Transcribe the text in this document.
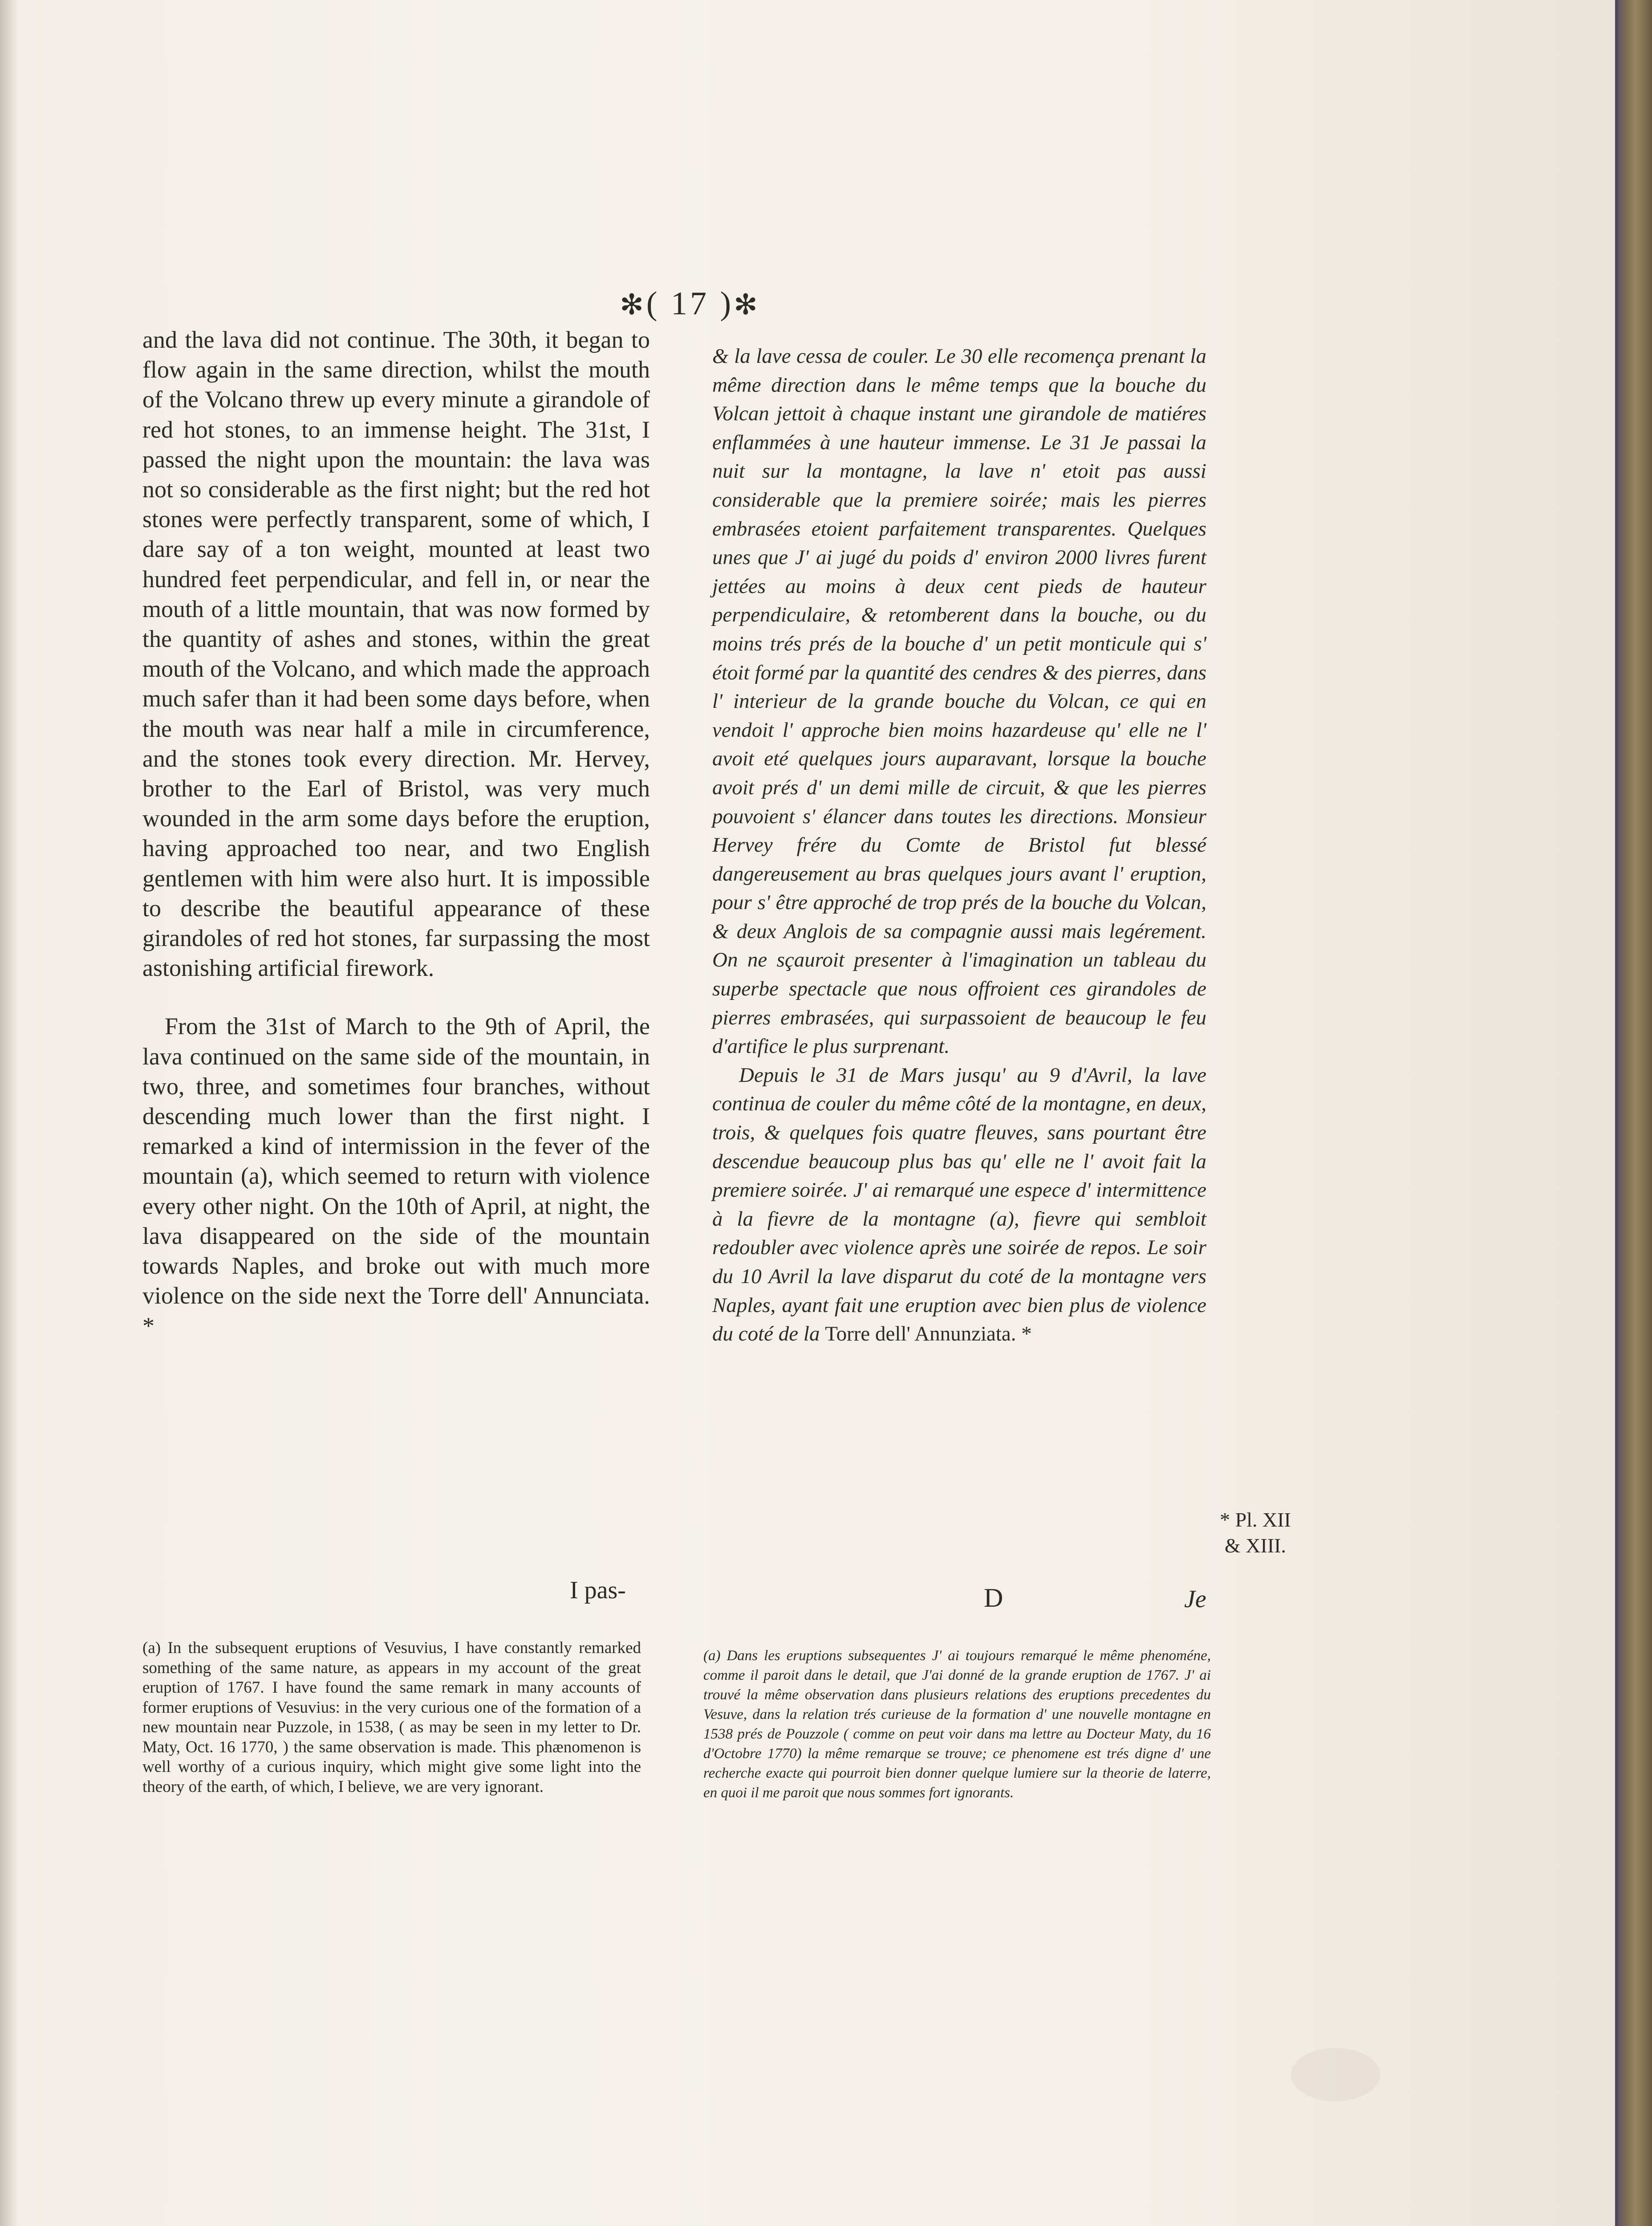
✻( 17 )✻

and the lava did not continue. The 30th, it began to flow again in the same direction, whilst the mouth of the Volcano threw up every minute a girandole of red hot stones, to an immense height. The 31st, I passed the night upon the mountain: the lava was not so considerable as the first night; but the red hot stones were perfectly transparent, some of which, I dare say of a ton weight, mounted at least two hundred feet perpendicular, and fell in, or near the mouth of a little mountain, that was now formed by the quantity of ashes and stones, within the great mouth of the Volcano, and which made the approach much safer than it had been some days before, when the mouth was near half a mile in circumference, and the stones took every direction. Mr. Hervey, brother to the Earl of Bristol, was very much wounded in the arm some days before the eruption, having approached too near, and two English gentlemen with him were also hurt. It is impossible to describe the beautiful appearance of these girandoles of red hot stones, far surpassing the most astonishing artificial firework.

From the 31st of March to the 9th of April, the lava continued on the same side of the mountain, in two, three, and sometimes four branches, without descending much lower than the first night. I remarked a kind of intermission in the fever of the mountain (a), which seemed to return with violence every other night. On the 10th of April, at night, the lava disappeared on the side of the mountain towards Naples, and broke out with much more violence on the side next the Torre dell' Annunciata. *

I pas-

& la lave cessa de couler. Le 30 elle recomença prenant la même direction dans le même temps que la bouche du Volcan jettoit à chaque instant une girandole de matiéres enflammées à une hauteur immense. Le 31 Je passai la nuit sur la montagne, la lave n' etoit pas aussi considerable que la premiere soirée; mais les pierres embrasées etoient parfaitement transparentes. Quelques unes que J' ai jugé du poids d' environ 2000 livres furent jettées au moins à deux cent pieds de hauteur perpendiculaire, & retomberent dans la bouche, ou du moins trés prés de la bouche d' un petit monticule qui s' étoit formé par la quantité des cendres & des pierres, dans l' interieur de la grande bouche du Volcan, ce qui en vendoit l' approche bien moins hazardeuse qu' elle ne l' avoit eté quelques jours auparavant, lorsque la bouche avoit prés d' un demi mille de circuit, & que les pierres pouvoient s' élancer dans toutes les directions. Monsieur Hervey frére du Comte de Bristol fut blessé dangereusement au bras quelques jours avant l' eruption, pour s' être approché de trop prés de la bouche du Volcan, & deux Anglois de sa compagnie aussi mais legérement. On ne sçauroit presenter à l'imagination un tableau du superbe spectacle que nous offroient ces girandoles de pierres embrasées, qui surpassoient de beaucoup le feu d'artifice le plus surprenant.

Depuis le 31 de Mars jusqu' au 9 d'Avril, la lave continua de couler du même côté de la montagne, en deux, trois, & quelques fois quatre fleuves, sans pourtant être descendue beaucoup plus bas qu' elle ne l' avoit fait la premiere soirée. J' ai remarqué une espece d' intermittence à la fievre de la montagne (a), fievre qui sembloit redoubler avec violence après une soirée de repos. Le soir du 10 Avril la lave disparut du coté de la montagne vers Naples, ayant fait une eruption avec bien plus de violence du coté de la Torre dell' Annunziata. *

* Pl. XII & XIII.
D	Je

(a) In the subsequent eruptions of Vesuvius, I have constantly remarked something of the same nature, as appears in my account of the great eruption of 1767. I have found the same remark in many accounts of former eruptions of Vesuvius: in the very curious one of the formation of a new mountain near Puzzole, in 1538, ( as may be seen in my letter to Dr. Maty, Oct. 16 1770, ) the same observation is made. This phænomenon is well worthy of a curious inquiry, which might give some light into the theory of the earth, of which, I believe, we are very ignorant.

(a) Dans les eruptions subsequentes J' ai toujours remarqué le même phenoméne, comme il paroit dans le detail, que J'ai donné de la grande eruption de 1767. J' ai trouvé la même observation dans plusieurs relations des eruptions precedentes du Vesuve, dans la relation trés curieuse de la formation d' une nouvelle montagne en 1538 prés de Pouzzole ( comme on peut voir dans ma lettre au Docteur Maty, du 16 d'Octobre 1770) la même remarque se trouve; ce phenomene est trés digne d' une recherche exacte qui pourroit bien donner quelque lumiere sur la theorie de laterre, en quoi il me paroit que nous sommes fort ignorants.
